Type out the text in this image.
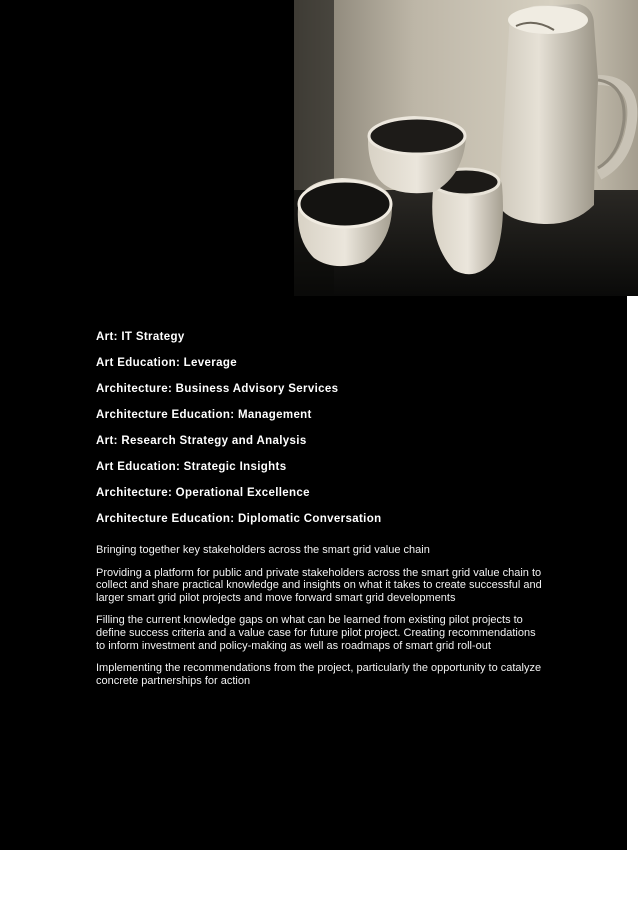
Art: IT Strategy
Art Education: Leverage
Architecture: Business Advisory Services
Architecture Education: Management
Art: Research Strategy and Analysis
Art Education: Strategic Insights
Architecture: Operational Excellence
Architecture Education: Diplomatic Conversation

Bringing together key stakeholders across the smart grid value chain

Providing a platform for public and private stakeholders across the smart grid value chain to collect and share practical knowledge and insights on what it takes to create successful and larger smart grid pilot projects and move forward smart grid developments

Filling the current knowledge gaps on what can be learned from existing pilot projects to define success criteria and a value case for future pilot project. Creating recommendations to inform investment and policy-making as well as roadmaps of smart grid roll-out

Implementing the recommendations from the project, particularly the opportunity to catalyze concrete partnerships for action
